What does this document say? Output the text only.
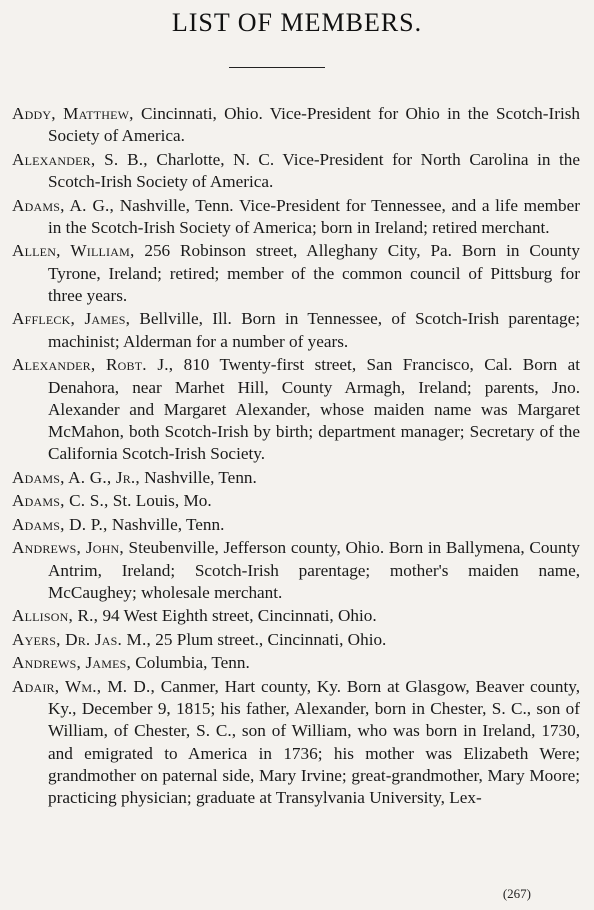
LIST OF MEMBERS.

Addy, Matthew, Cincinnati, Ohio. Vice-President for Ohio in the Scotch-Irish Society of America.

Alexander, S. B., Charlotte, N. C. Vice-President for North Carolina in the Scotch-Irish Society of America.

Adams, A. G., Nashville, Tenn. Vice-President for Tennessee, and a life member in the Scotch-Irish Society of America; born in Ireland; retired merchant.

Allen, William, 256 Robinson street, Alleghany City, Pa. Born in County Tyrone, Ireland; retired; member of the common council of Pittsburg for three years.

Affleck, James, Bellville, Ill. Born in Tennessee, of Scotch-Irish parentage; machinist; Alderman for a number of years.

Alexander, Robt. J., 810 Twenty-first street, San Francisco, Cal. Born at Denahora, near Marhet Hill, County Armagh, Ireland; parents, Jno. Alexander and Margaret Alexander, whose maiden name was Margaret McMahon, both Scotch-Irish by birth; department manager; Secretary of the California Scotch-Irish Society.

Adams, A. G., Jr., Nashville, Tenn.

Adams, C. S., St. Louis, Mo.

Adams, D. P., Nashville, Tenn.

Andrews, John, Steubenville, Jefferson county, Ohio. Born in Ballymena, County Antrim, Ireland; Scotch-Irish parentage; mother's maiden name, McCaughey; wholesale merchant.

Allison, R., 94 West Eighth street, Cincinnati, Ohio.

Ayers, Dr. Jas. M., 25 Plum street., Cincinnati, Ohio.

Andrews, James, Columbia, Tenn.

Adair, Wm., M. D., Canmer, Hart county, Ky. Born at Glasgow, Beaver county, Ky., December 9, 1815; his father, Alexander, born in Chester, S. C., son of William, of Chester, S. C., son of William, who was born in Ireland, 1730, and emigrated to America in 1736; his mother was Elizabeth Were; grandmother on paternal side, Mary Irvine; great-grandmother, Mary Moore; practicing physician; graduate at Transylvania University, Lex-

(267)
